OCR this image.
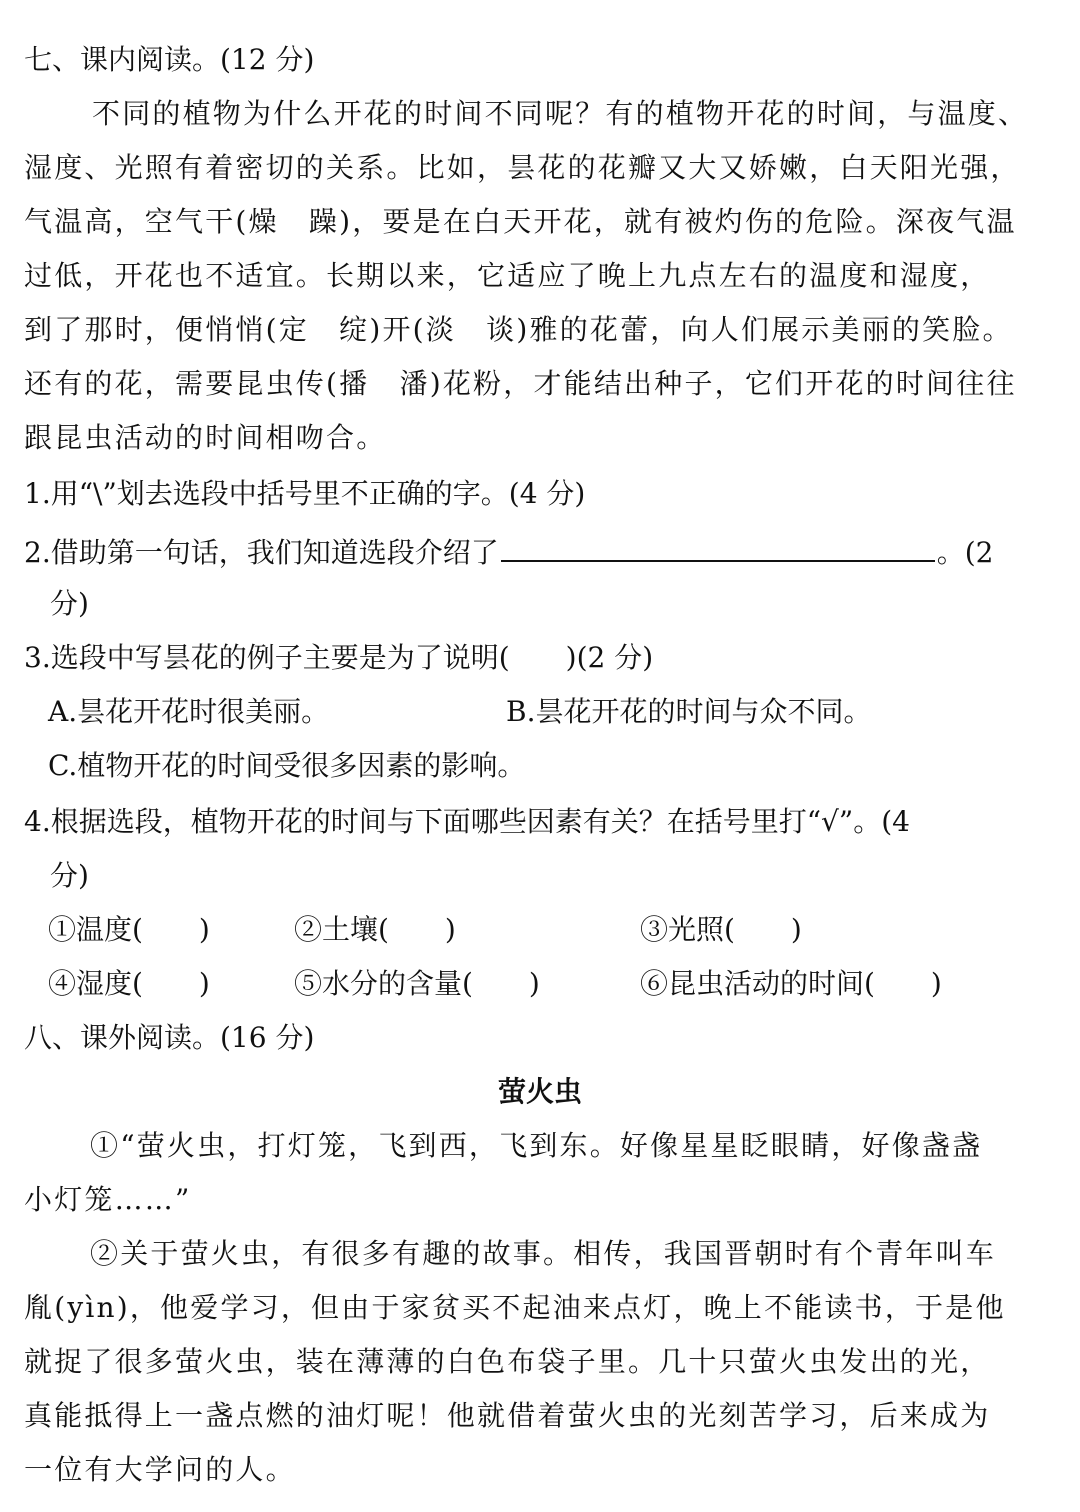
七、课内阅读。(12 分)
不同的植物为什么开花的时间不同呢？有的植物开花的时间，与温度、
湿度、光照有着密切的关系。比如，昙花的花瓣又大又娇嫩，白天阳光强，
气温高，空气干(燥　躁)，要是在白天开花，就有被灼伤的危险。深夜气温
过低，开花也不适宜。长期以来，它适应了晚上九点左右的温度和湿度，
到了那时，便悄悄(定　绽)开(淡　谈)雅的花蕾，向人们展示美丽的笑脸。
还有的花，需要昆虫传(播　潘)花粉，才能结出种子，它们开花的时间往往
跟昆虫活动的时间相吻合。
1.用“\”划去选段中括号里不正确的字。(4 分)
2.借助第一句话，我们知道选段介绍了	。(2
分)
3.选段中写昙花的例子主要是为了说明(　　)(2 分)
A.昙花开花时很美丽。	B.昙花开花的时间与众不同。
C.植物开花的时间受很多因素的影响。
4.根据选段，植物开花的时间与下面哪些因素有关？在括号里打“√”。(4
分)
①温度(　　)	②土壤(　　)	③光照(　　)
④湿度(　　)	⑤水分的含量(　　)	⑥昆虫活动的时间(　　)
八、课外阅读。(16 分)
萤火虫
①“萤火虫，打灯笼，飞到西，飞到东。好像星星眨眼睛，好像盏盏
小灯笼……”
②关于萤火虫，有很多有趣的故事。相传，我国晋朝时有个青年叫车
胤(yìn)，他爱学习，但由于家贫买不起油来点灯，晚上不能读书，于是他
就捉了很多萤火虫，装在薄薄的白色布袋子里。几十只萤火虫发出的光，
真能抵得上一盏点燃的油灯呢！他就借着萤火虫的光刻苦学习，后来成为
一位有大学问的人。
